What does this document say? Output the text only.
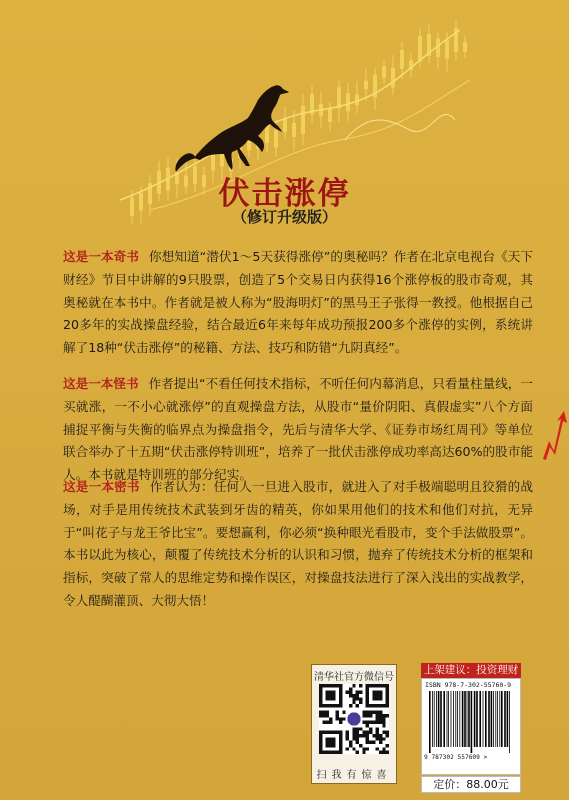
伏击涨停
（修订升级版）
这是一本奇书 你想知道“潜伏1～5天获得涨停”的奥秘吗？作者在北京电视台《天下财经》节目中讲解的9只股票，创造了5个交易日内获得16个涨停板的股市奇观，其奥秘就在本书中。作者就是被人称为“股海明灯”的黑马王子张得一教授。他根据自己20多年的实战操盘经验，结合最近6年来每年成功预报200多个涨停的实例，系统讲解了18种“伏击涨停”的秘籍、方法、技巧和防错“九阴真经”。
这是一本怪书 作者提出“不看任何技术指标，不听任何内幕消息，只看量柱量线，一买就涨，一不小心就涨停”的直观操盘方法，从股市“量价阴阳、真假虚实”八个方面捕捉平衡与失衡的临界点为操盘指令，先后与清华大学、《证券市场红周刊》等单位联合举办了十五期“伏击涨停特训班”，培养了一批伏击涨停成功率高达60%的股市能人。本书就是特训班的部分纪实。
这是一本密书 作者认为：任何人一旦进入股市，就进入了对手极端聪明且狡猾的战场，对手是用传统技术武装到牙齿的精英，你如果用他们的技术和他们对抗，无异于“叫花子与龙王爷比宝”。要想赢利，你必须“换种眼光看股市，变个手法做股票”。本书以此为核心，颠覆了传统技术分析的认识和习惯，抛弃了传统技术分析的框架和指标，突破了常人的思维定势和操作误区，对操盘技法进行了深入浅出的实战教学，令人醍醐灌顶、大彻大悟！
清华社官方微信号
扫我有惊喜
上架建议：投资理财
ISBN 978-7-302-55760-9
9 787302 557609 >
定价：88.00元
